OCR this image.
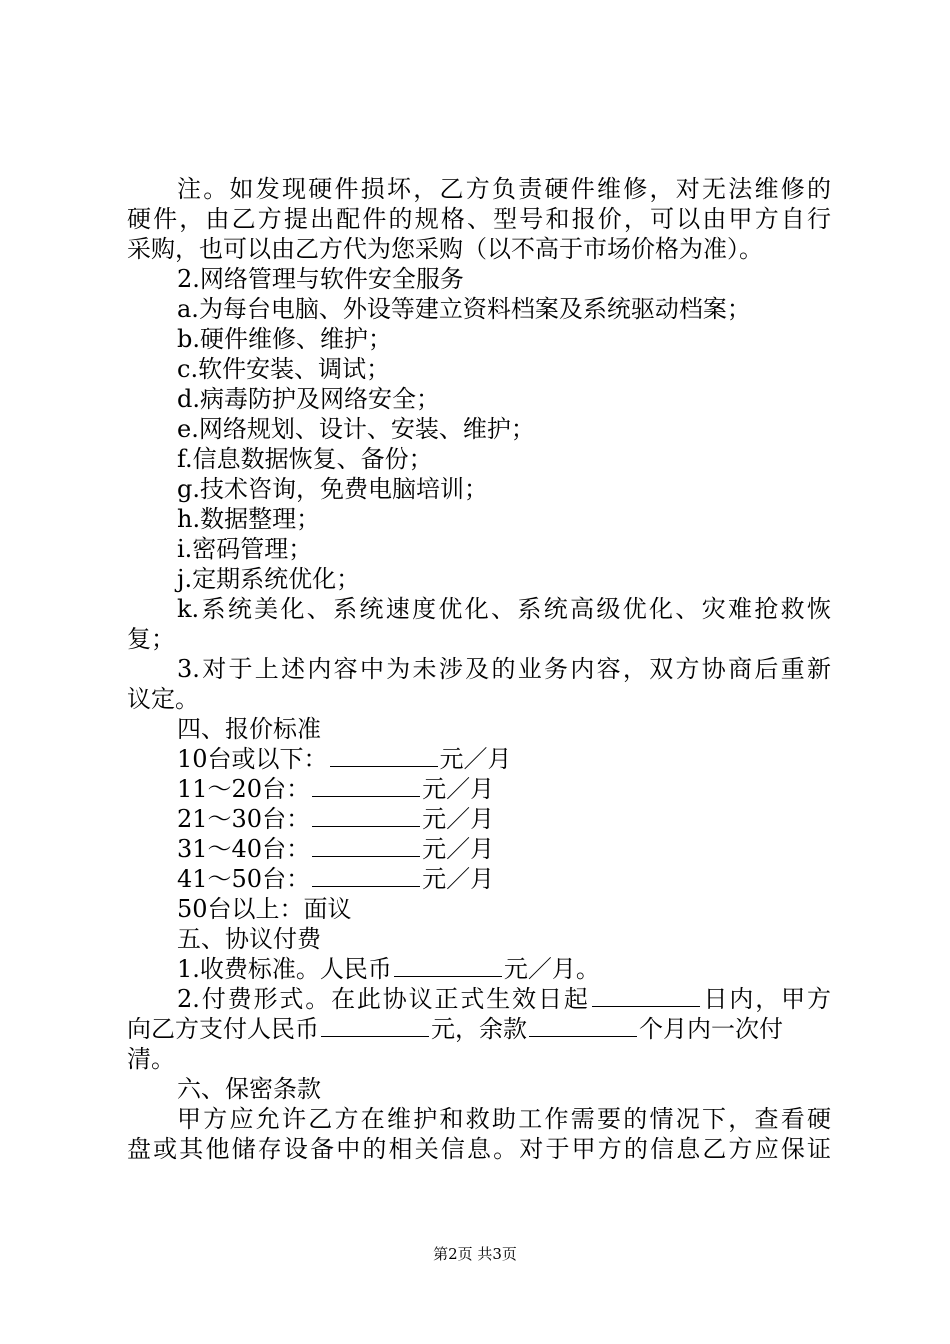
注。如发现硬件损坏，乙方负责硬件维修，对无法维修的
硬件，由乙方提出配件的规格、型号和报价，可以由甲方自行
采购，也可以由乙方代为您采购（以不高于市场价格为准）。
2.网络管理与软件安全服务
a.为每台电脑、外设等建立资料档案及系统驱动档案；
b.硬件维修、维护；
c.软件安装、调试；
d.病毒防护及网络安全；
e.网络规划、设计、安装、维护；
f.信息数据恢复、备份；
g.技术咨询，免费电脑培训；
h.数据整理；
i.密码管理；
j.定期系统优化；
k.系统美化、系统速度优化、系统高级优化、灾难抢救恢
复；
3.对于上述内容中为未涉及的业务内容，双方协商后重新
议定。
四、报价标准
10台或以下：	元／月
11～20台：	元／月
21～30台：	元／月
31～40台：	元／月
41～50台：	元／月
50台以上：面议
五、协议付费
1.收费标准。人民币	元／月。
2.付费形式。在此协议正式生效日起	日内，甲方
向乙方支付人民币	元，余款	个月内一次付
清。
六、保密条款
甲方应允许乙方在维护和救助工作需要的情况下，查看硬
盘或其他储存设备中的相关信息。对于甲方的信息乙方应保证
第2页 共3页
